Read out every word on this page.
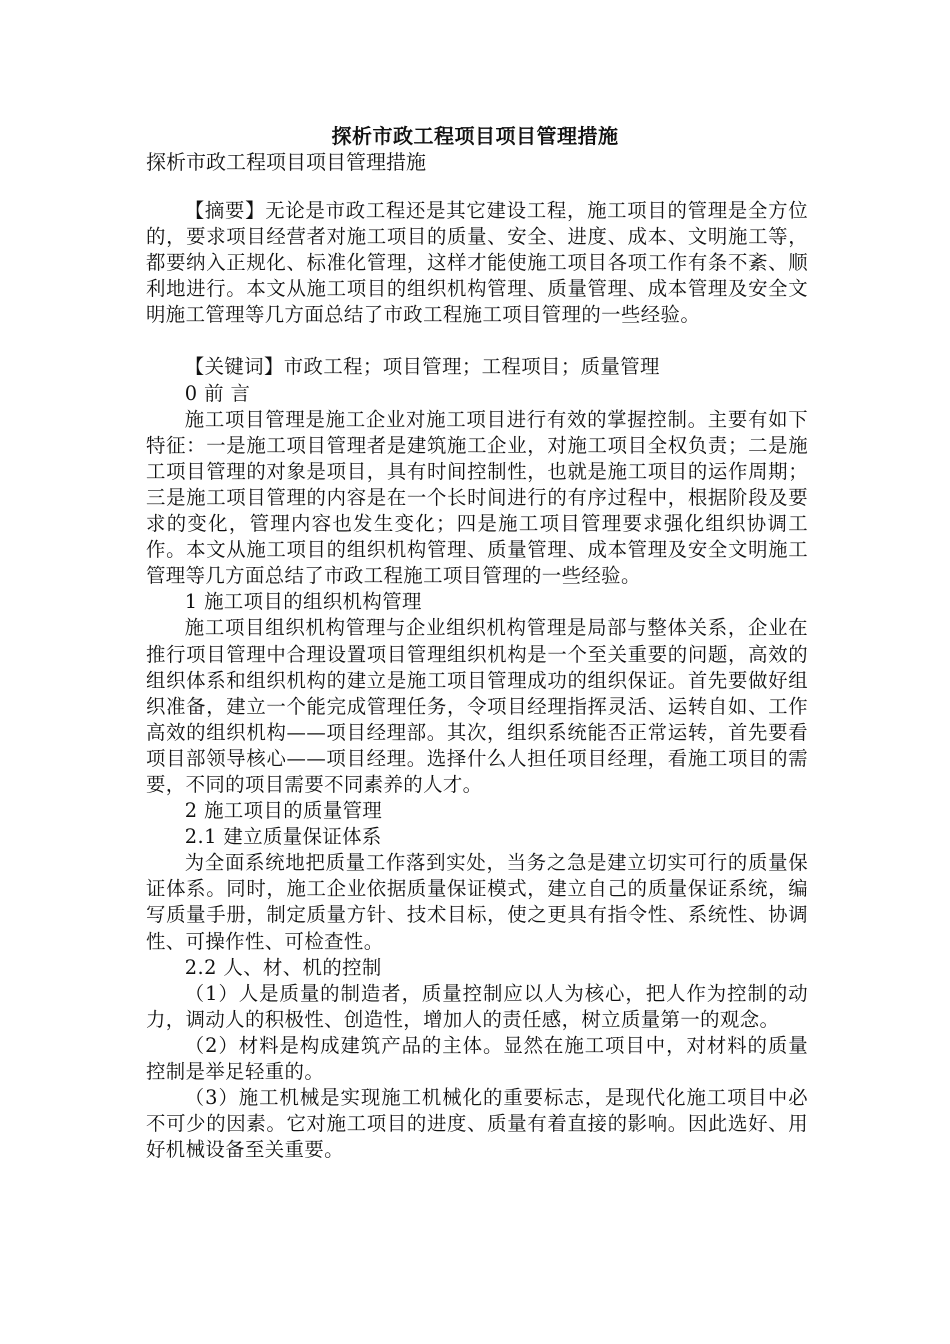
探析市政工程项目项目管理措施
探析市政工程项目项目管理措施

【摘要】无论是市政工程还是其它建设工程，施工项目的管理是全方位的，要求项目经营者对施工项目的质量、安全、进度、成本、文明施工等，都要纳入正规化、标准化管理，这样才能使施工项目各项工作有条不紊、顺利地进行。本文从施工项目的组织机构管理、质量管理、成本管理及安全文明施工管理等几方面总结了市政工程施工项目管理的一些经验。

【关键词】市政工程；项目管理；工程项目；质量管理

0 前 言

施工项目管理是施工企业对施工项目进行有效的掌握控制。主要有如下特征：一是施工项目管理者是建筑施工企业，对施工项目全权负责；二是施工项目管理的对象是项目，具有时间控制性，也就是施工项目的运作周期；三是施工项目管理的内容是在一个长时间进行的有序过程中，根据阶段及要求的变化，管理内容也发生变化；四是施工项目管理要求强化组织协调工作。本文从施工项目的组织机构管理、质量管理、成本管理及安全文明施工管理等几方面总结了市政工程施工项目管理的一些经验。

1 施工项目的组织机构管理

施工项目组织机构管理与企业组织机构管理是局部与整体关系，企业在推行项目管理中合理设置项目管理组织机构是一个至关重要的问题，高效的组织体系和组织机构的建立是施工项目管理成功的组织保证。首先要做好组织准备，建立一个能完成管理任务，令项目经理指挥灵活、运转自如、工作高效的组织机构——项目经理部。其次，组织系统能否正常运转，首先要看项目部领导核心——项目经理。选择什么人担任项目经理，看施工项目的需要，不同的项目需要不同素养的人才。

2 施工项目的质量管理

2.1 建立质量保证体系

为全面系统地把质量工作落到实处，当务之急是建立切实可行的质量保证体系。同时，施工企业依据质量保证模式，建立自己的质量保证系统，编写质量手册，制定质量方针、技术目标，使之更具有指令性、系统性、协调性、可操作性、可检查性。

2.2 人、材、机的控制

（1）人是质量的制造者，质量控制应以人为核心，把人作为控制的动力，调动人的积极性、创造性，增加人的责任感，树立质量第一的观念。

（2）材料是构成建筑产品的主体。显然在施工项目中，对材料的质量控制是举足轻重的。

（3）施工机械是实现施工机械化的重要标志，是现代化施工项目中必不可少的因素。它对施工项目的进度、质量有着直接的影响。因此选好、用好机械设备至关重要。
